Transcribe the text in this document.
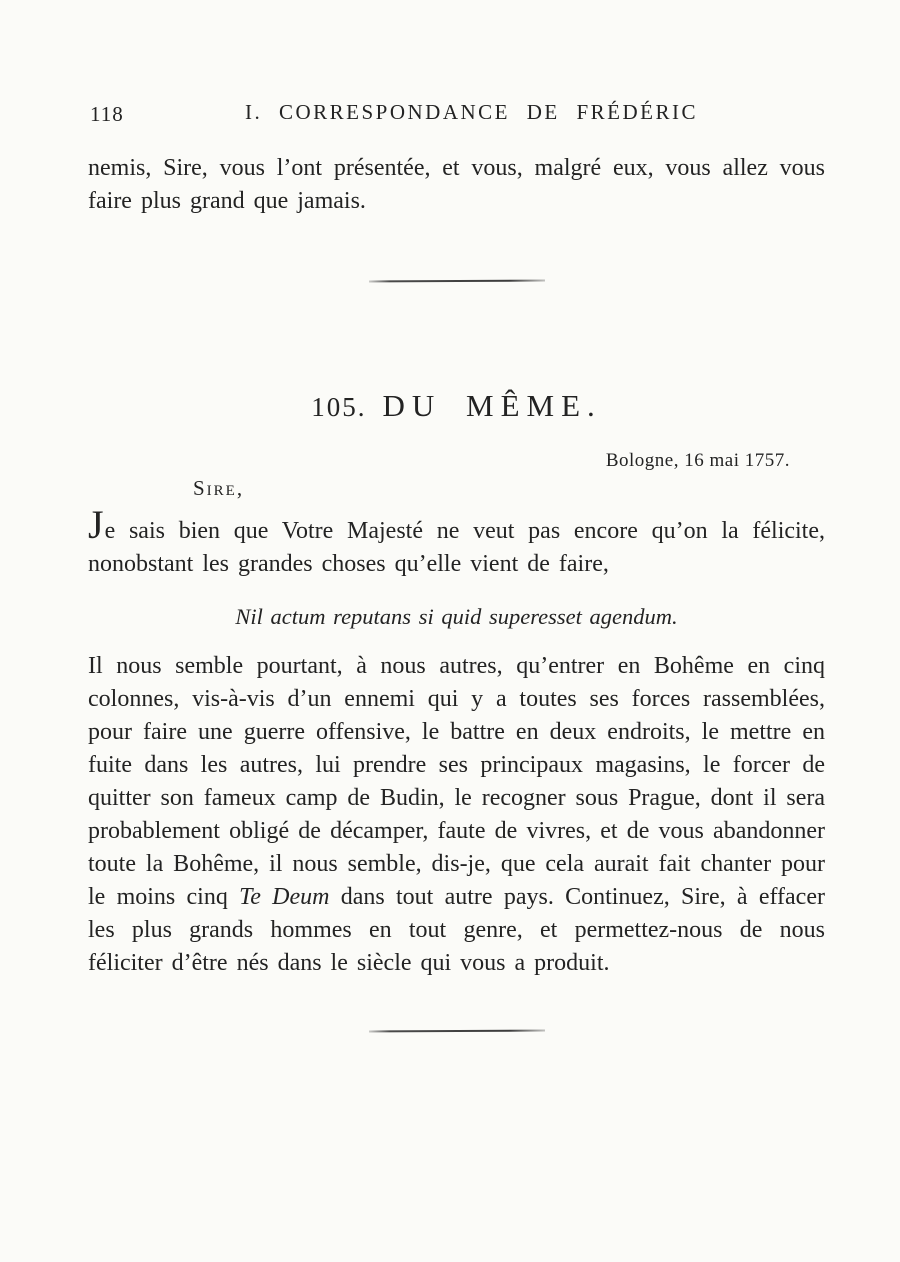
118	I. CORRESPONDANCE DE FRÉDÉRIC

nemis, Sire, vous l’ont présentée, et vous, malgré eux, vous allez vous faire plus grand que jamais.

105. DU MÊME.
Bologne, 16 mai 1757.
Sire,

Je sais bien que Votre Majesté ne veut pas encore qu’on la félicite, nonobstant les grandes choses qu’elle vient de faire,

Nil actum reputans si quid superesset agendum.

Il nous semble pourtant, à nous autres, qu’entrer en Bohême en cinq colonnes, vis-à-vis d’un ennemi qui y a toutes ses forces rassemblées, pour faire une guerre offensive, le battre en deux endroits, le mettre en fuite dans les autres, lui prendre ses principaux magasins, le forcer de quitter son fameux camp de Budin, le recogner sous Prague, dont il sera probablement obligé de décamper, faute de vivres, et de vous abandonner toute la Bohême, il nous semble, dis-je, que cela aurait fait chanter pour le moins cinq Te Deum dans tout autre pays. Continuez, Sire, à effacer les plus grands hommes en tout genre, et permettez-nous de nous féliciter d’être nés dans le siècle qui vous a produit.
